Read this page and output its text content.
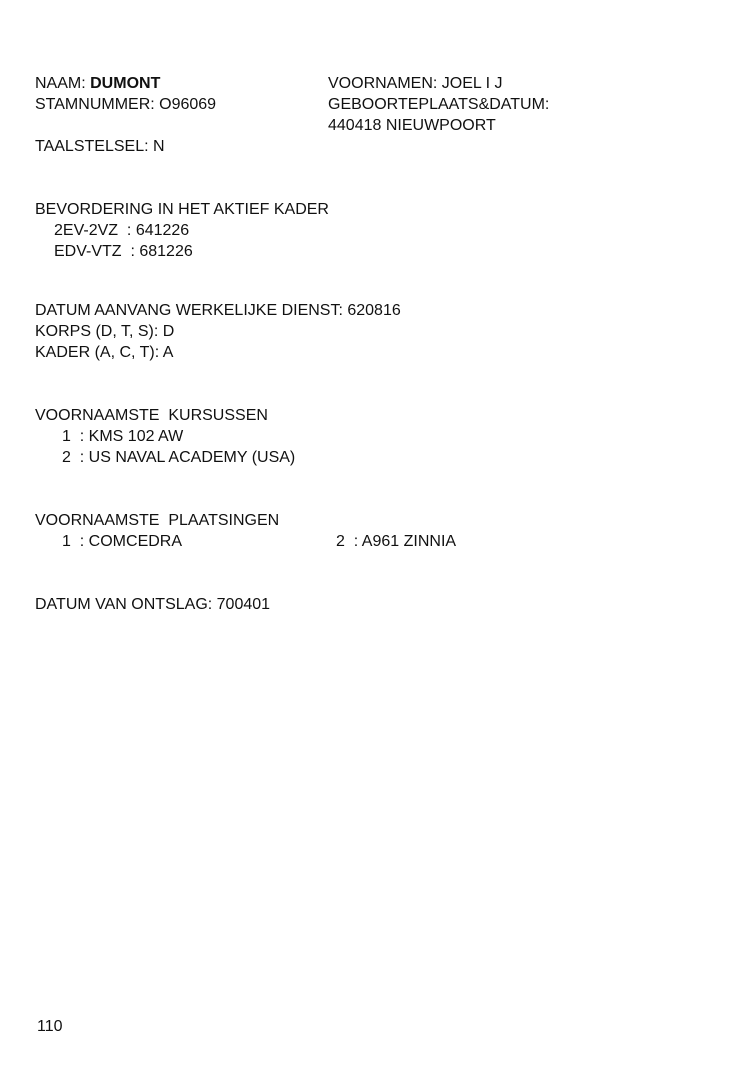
NAAM: DUMONT
STAMNUMMER: O96069
VOORNAMEN: JOEL I J
GEBOORTEPLAATS&DATUM:
440418 NIEUWPOORT
TAALSTELSEL: N
BEVORDERING IN HET AKTIEF KADER
2EV-2VZ  : 641226
EDV-VTZ  : 681226
DATUM AANVANG WERKELIJKE DIENST: 620816
KORPS (D, T, S): D
KADER (A, C, T): A
VOORNAAMSTE  KURSUSSEN
1  : KMS 102 AW
2  : US NAVAL ACADEMY (USA)
VOORNAAMSTE  PLAATSINGEN
1  : COMCEDRA	2  : A961 ZINNIA
DATUM VAN ONTSLAG: 700401
110
